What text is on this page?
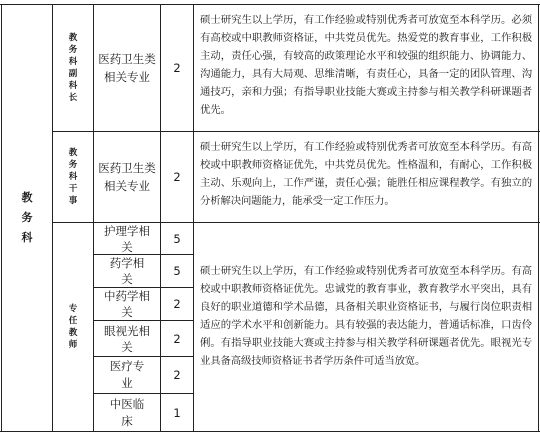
教务科
教务科副科长
医药卫生类相关专业
2
硕士研究生以上学历，有工作经验或特别优秀者可放宽至本科学历。必须有高校或中职教师资格证，中共党员优先。热爱党的教育事业，工作积极主动，责任心强，有较高的政策理论水平和较强的组织能力、协调能力、沟通能力，具有大局观、思维清晰，有责任心，具备一定的团队管理、沟通技巧，亲和力强；有指导职业技能大赛或主持参与相关教学科研课题者优先。
教务科干事
医药卫生类相关专业
2
硕士研究生以上学历，有工作经验或特别优秀者可放宽至本科学历。有高校或中职教师资格证优先，中共党员优先。性格温和，有耐心，工作积极主动、乐观向上，工作严谨，责任心强；能胜任相应课程教学。有独立的分析解决问题能力，能承受一定工作压力。
专任教师
护理学相关
5
药学相关
5
中药学相关
2
眼视光相关
2
医疗专业
2
中医临床
1
硕士研究生以上学历，有工作经验或特别优秀者可放宽至本科学历。有高校或中职教师资格证优先。忠诚党的教育事业，教育教学水平突出，具有良好的职业道德和学术品德，具备相关职业资格证书，与履行岗位职责相适应的学术水平和创新能力。具有较强的表达能力，普通话标准，口齿伶俐。有指导职业技能大赛或主持参与相关教学科研课题者优先。眼视光专业具备高级技师资格证书者学历条件可适当放宽。
